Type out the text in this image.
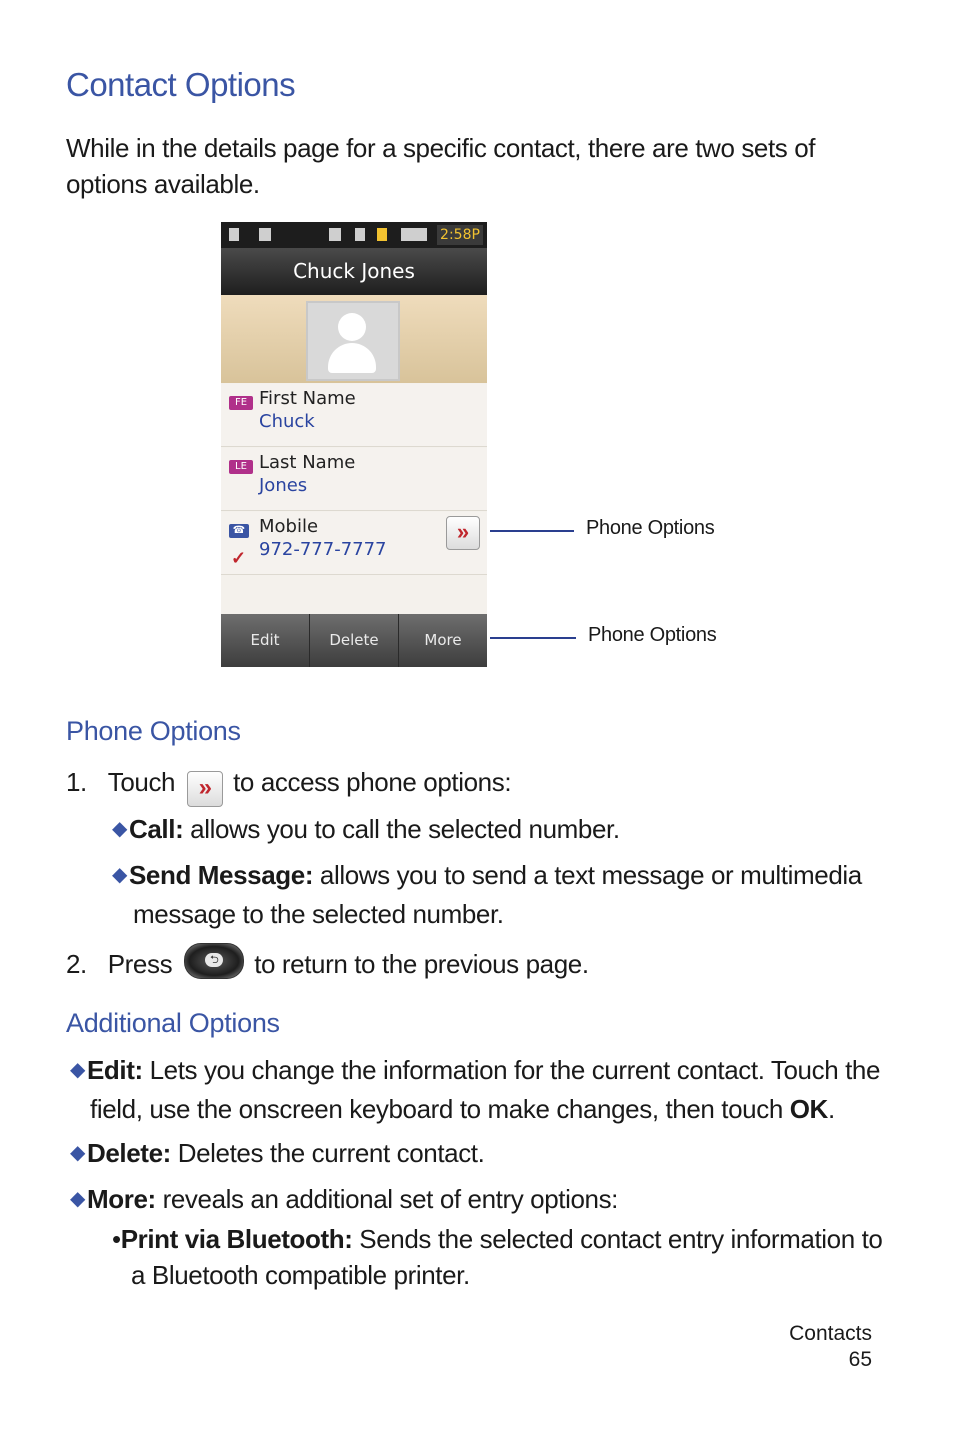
Contact Options
While in the details page for a specific contact, there are two sets of options available.
2:58P
Chuck Jones
FE First Name
Chuck
LE Last Name
Jones
☎
✓
Mobile
972-777-7777
»
Edit	Delete	More
Phone Options
Phone Options
Phone Options
1. Touch » to access phone options:
◆Call: allows you to call the selected number.
◆Send Message: allows you to send a text message or multimedia
message to the selected number.
2. Press	⮌ to return to the previous page.
Additional Options
◆Edit: Lets you change the information for the current contact. Touch the
field, use the onscreen keyboard to make changes, then touch OK.
◆Delete: Deletes the current contact.
◆More: reveals an additional set of entry options:
•Print via Bluetooth: Sends the selected contact entry information to
a Bluetooth compatible printer.
Contacts
65
